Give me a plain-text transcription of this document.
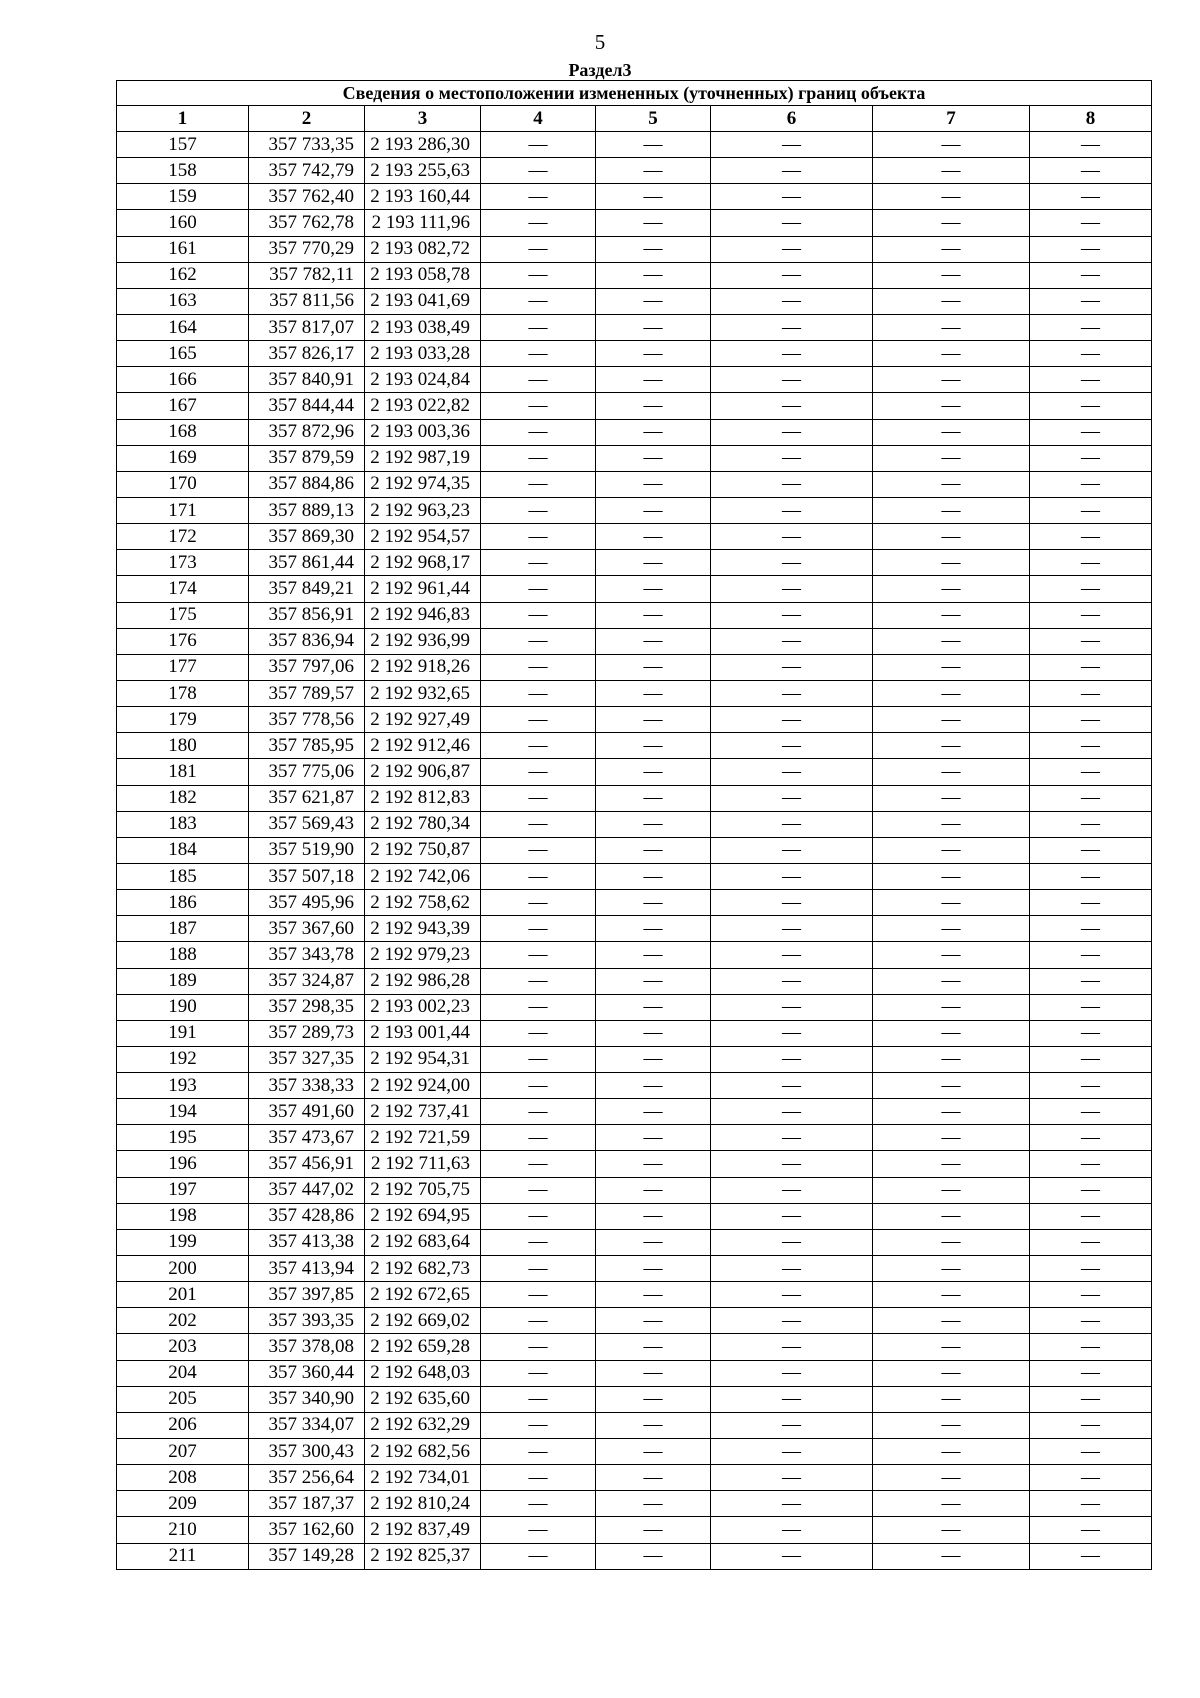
5
Раздел3
Сведения о местоположении измененных (уточненных) границ объекта							
1	2	3	4	5	6	7	8
157	357 733,35	2 193 286,30	—	—	—	—	—
158	357 742,79	2 193 255,63	—	—	—	—	—
159	357 762,40	2 193 160,44	—	—	—	—	—
160	357 762,78	2 193 111,96	—	—	—	—	—
161	357 770,29	2 193 082,72	—	—	—	—	—
162	357 782,11	2 193 058,78	—	—	—	—	—
163	357 811,56	2 193 041,69	—	—	—	—	—
164	357 817,07	2 193 038,49	—	—	—	—	—
165	357 826,17	2 193 033,28	—	—	—	—	—
166	357 840,91	2 193 024,84	—	—	—	—	—
167	357 844,44	2 193 022,82	—	—	—	—	—
168	357 872,96	2 193 003,36	—	—	—	—	—
169	357 879,59	2 192 987,19	—	—	—	—	—
170	357 884,86	2 192 974,35	—	—	—	—	—
171	357 889,13	2 192 963,23	—	—	—	—	—
172	357 869,30	2 192 954,57	—	—	—	—	—
173	357 861,44	2 192 968,17	—	—	—	—	—
174	357 849,21	2 192 961,44	—	—	—	—	—
175	357 856,91	2 192 946,83	—	—	—	—	—
176	357 836,94	2 192 936,99	—	—	—	—	—
177	357 797,06	2 192 918,26	—	—	—	—	—
178	357 789,57	2 192 932,65	—	—	—	—	—
179	357 778,56	2 192 927,49	—	—	—	—	—
180	357 785,95	2 192 912,46	—	—	—	—	—
181	357 775,06	2 192 906,87	—	—	—	—	—
182	357 621,87	2 192 812,83	—	—	—	—	—
183	357 569,43	2 192 780,34	—	—	—	—	—
184	357 519,90	2 192 750,87	—	—	—	—	—
185	357 507,18	2 192 742,06	—	—	—	—	—
186	357 495,96	2 192 758,62	—	—	—	—	—
187	357 367,60	2 192 943,39	—	—	—	—	—
188	357 343,78	2 192 979,23	—	—	—	—	—
189	357 324,87	2 192 986,28	—	—	—	—	—
190	357 298,35	2 193 002,23	—	—	—	—	—
191	357 289,73	2 193 001,44	—	—	—	—	—
192	357 327,35	2 192 954,31	—	—	—	—	—
193	357 338,33	2 192 924,00	—	—	—	—	—
194	357 491,60	2 192 737,41	—	—	—	—	—
195	357 473,67	2 192 721,59	—	—	—	—	—
196	357 456,91	2 192 711,63	—	—	—	—	—
197	357 447,02	2 192 705,75	—	—	—	—	—
198	357 428,86	2 192 694,95	—	—	—	—	—
199	357 413,38	2 192 683,64	—	—	—	—	—
200	357 413,94	2 192 682,73	—	—	—	—	—
201	357 397,85	2 192 672,65	—	—	—	—	—
202	357 393,35	2 192 669,02	—	—	—	—	—
203	357 378,08	2 192 659,28	—	—	—	—	—
204	357 360,44	2 192 648,03	—	—	—	—	—
205	357 340,90	2 192 635,60	—	—	—	—	—
206	357 334,07	2 192 632,29	—	—	—	—	—
207	357 300,43	2 192 682,56	—	—	—	—	—
208	357 256,64	2 192 734,01	—	—	—	—	—
209	357 187,37	2 192 810,24	—	—	—	—	—
210	357 162,60	2 192 837,49	—	—	—	—	—
211	357 149,28	2 192 825,37	—	—	—	—	—
